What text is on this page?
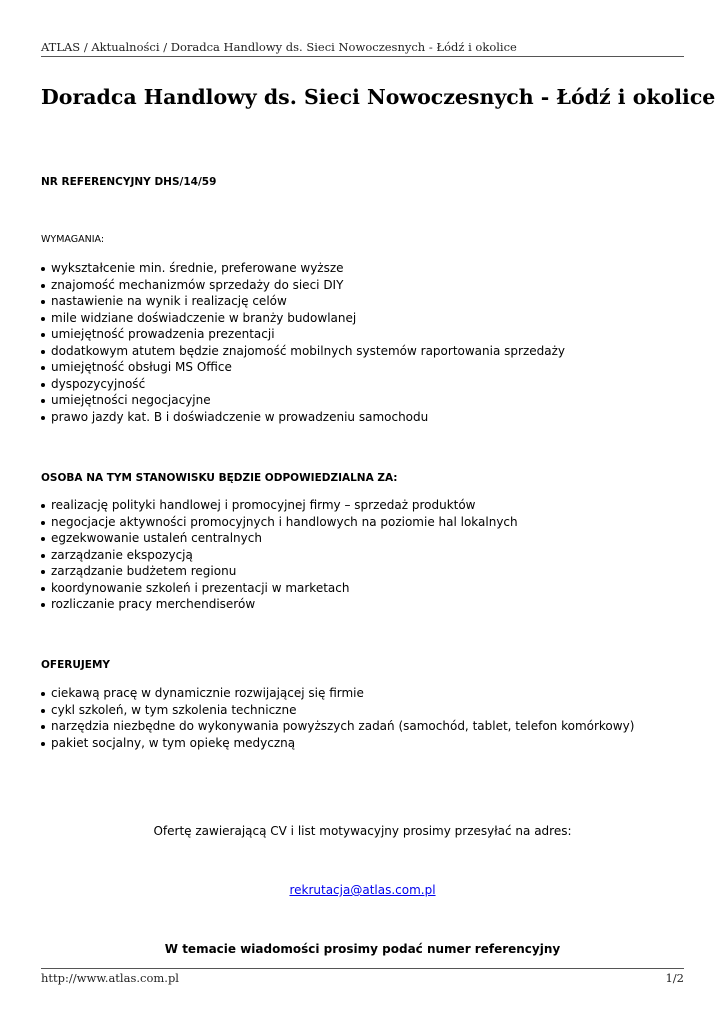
ATLAS / Aktualności / Doradca Handlowy ds. Sieci Nowoczesnych - Łódź i okolice
Doradca Handlowy ds. Sieci Nowoczesnych - Łódź i okolice

NR REFERENCYJNY DHS/14/59

WYMAGANIA:

wykształcenie min. średnie, preferowane wyższe
znajomość mechanizmów sprzedaży do sieci DIY
nastawienie na wynik i realizację celów
mile widziane doświadczenie w branży budowlanej
umiejętność prowadzenia prezentacji
dodatkowym atutem będzie znajomość mobilnych systemów raportowania sprzedaży
umiejętność obsługi MS Office
dyspozycyjność
umiejętności negocjacyjne
prawo jazdy kat. B i doświadczenie w prowadzeniu samochodu

OSOBA NA TYM STANOWISKU BĘDZIE ODPOWIEDZIALNA ZA:

realizację polityki handlowej i promocyjnej firmy – sprzedaż produktów
negocjacje aktywności promocyjnych i handlowych na poziomie hal lokalnych
egzekwowanie ustaleń centralnych
zarządzanie ekspozycją
zarządzanie budżetem regionu
koordynowanie szkoleń i prezentacji w marketach
rozliczanie pracy merchendiserów

OFERUJEMY

ciekawą pracę w dynamicznie rozwijającej się firmie
cykl szkoleń, w tym szkolenia techniczne
narzędzia niezbędne do wykonywania powyższych zadań (samochód, tablet, telefon komórkowy)
pakiet socjalny, w tym opiekę medyczną
Ofertę zawierającą CV i list motywacyjny prosimy przesyłać na adres:
rekrutacja@atlas.com.pl
W temacie wiadomości prosimy podać numer referencyjny
http://www.atlas.com.pl	1/2
